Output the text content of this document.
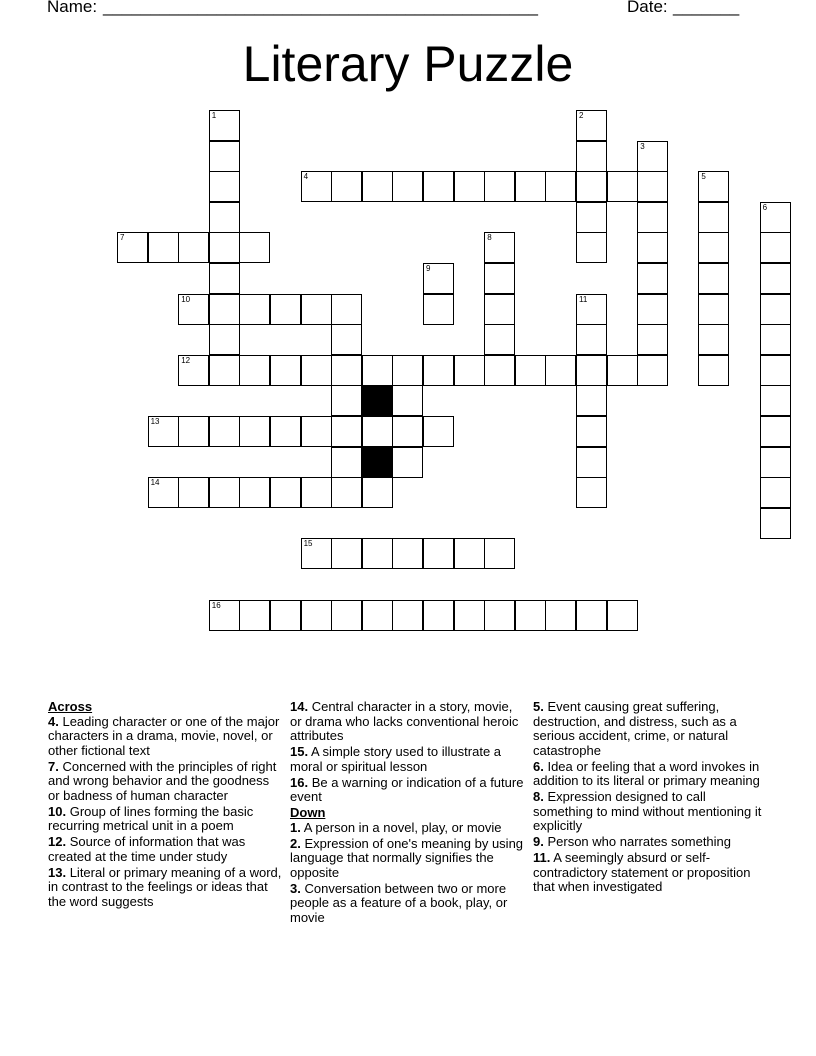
Name: ______________________________________________	Date: _______
Literary Puzzle
1	2
3
4	5
6
7	8
9
10	11
12
13
14
15
16
Across
4. Leading character or one of the major characters in a drama, movie, novel, or other fictional text
7. Concerned with the principles of right and wrong behavior and the goodness or badness of human character
10. Group of lines forming the basic recurring metrical unit in a poem
12. Source of information that was created at the time under study
13. Literal or primary meaning of a word, in contrast to the feelings or ideas that the word suggests
14. Central character in a story, movie, or drama who lacks conventional heroic attributes
15. A simple story used to illustrate a moral or spiritual lesson
16. Be a warning or indication of a future event
Down
1. A person in a novel, play, or movie
2. Expression of one's meaning by using language that normally signifies the opposite
3. Conversation between two or more people as a feature of a book, play, or movie
5. Event causing great suffering, destruction, and distress, such as a serious accident, crime, or natural catastrophe
6. Idea or feeling that a word invokes in addition to its literal or primary meaning
8. Expression designed to call something to mind without mentioning it explicitly
9. Person who narrates something
11. A seemingly absurd or self-contradictory statement or proposition that when investigated
